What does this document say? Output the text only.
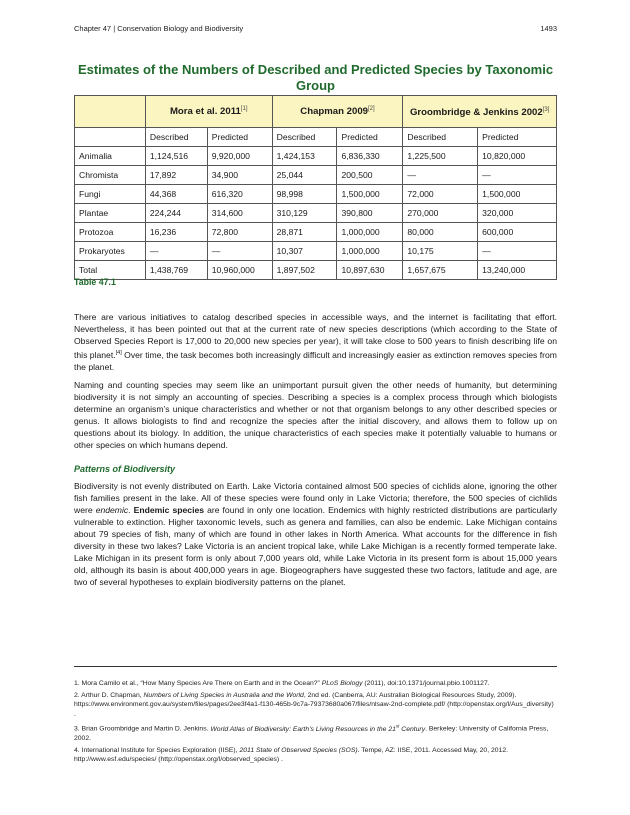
Chapter 47 | Conservation Biology and Biodiversity	1493
Estimates of the Numbers of Described and Predicted Species by Taxonomic Group
	Mora et al. 2011[1]		Chapman 2009[2]		Groombridge & Jenkins 2002[3]
	Described	Predicted	Described	Predicted	Described	Predicted
Animalia	1,124,516	9,920,000	1,424,153	6,836,330	1,225,500	10,820,000
Chromista	17,892	34,900	25,044	200,500	—	—
Fungi	44,368	616,320	98,998	1,500,000	72,000	1,500,000
Plantae	224,244	314,600	310,129	390,800	270,000	320,000
Protozoa	16,236	72,800	28,871	1,000,000	80,000	600,000
Prokaryotes	—	—	10,307	1,000,000	10,175	—
Total	1,438,769	10,960,000	1,897,502	10,897,630	1,657,675	13,240,000
Table 47.1

There are various initiatives to catalog described species in accessible ways, and the internet is facilitating that effort. Nevertheless, it has been pointed out that at the current rate of new species descriptions (which according to the State of Observed Species Report is 17,000 to 20,000 new species per year), it will take close to 500 years to finish describing life on this planet.[4] Over time, the task becomes both increasingly difficult and increasingly easier as extinction removes species from the planet.

Naming and counting species may seem like an unimportant pursuit given the other needs of humanity, but determining biodiversity it is not simply an accounting of species. Describing a species is a complex process through which biologists determine an organism’s unique characteristics and whether or not that organism belongs to any other described species or genus. It allows biologists to find and recognize the species after the initial discovery, and allows them to follow up on questions about its biology. In addition, the unique characteristics of each species make it potentially valuable to humans or other species on which humans depend.

Patterns of Biodiversity

Biodiversity is not evenly distributed on Earth. Lake Victoria contained almost 500 species of cichlids alone, ignoring the other fish families present in the lake. All of these species were found only in Lake Victoria; therefore, the 500 species of cichlids were endemic. Endemic species are found in only one location. Endemics with highly restricted distributions are particularly vulnerable to extinction. Higher taxonomic levels, such as genera and families, can also be endemic. Lake Michigan contains about 79 species of fish, many of which are found in other lakes in North America. What accounts for the difference in fish diversity in these two lakes? Lake Victoria is an ancient tropical lake, while Lake Michigan is a recently formed temperate lake. Lake Michigan in its present form is only about 7,000 years old, while Lake Victoria in its present form is about 15,000 years old, although its basin is about 400,000 years in age. Biogeographers have suggested these two factors, latitude and age, are two of several hypotheses to explain biodiversity patterns on the planet.

1. Mora Camilo et al., “How Many Species Are There on Earth and in the Ocean?” PLoS Biology (2011), doi:10.1371/journal.pbio.1001127.

2. Arthur D. Chapman, Numbers of Living Species in Australia and the World, 2nd ed. (Canberra, AU: Australian Biological Resources Study, 2009). https://www.environment.gov.au/system/files/pages/2ee3f4a1-f130-465b-9c7a-79373680a067/files/nlsaw-2nd-complete.pdf/ (http://openstax.org/l/Aus_diversity) .

3. Brian Groombridge and Martin D. Jenkins. World Atlas of Biodiversity: Earth’s Living Resources in the 21st Century. Berkeley: University of California Press, 2002.

4. International Institute for Species Exploration (IISE), 2011 State of Observed Species (SOS). Tempe, AZ: IISE, 2011. Accessed May, 20, 2012. http://www.esf.edu/species/ (http://openstax.org/l/observed_species) .
